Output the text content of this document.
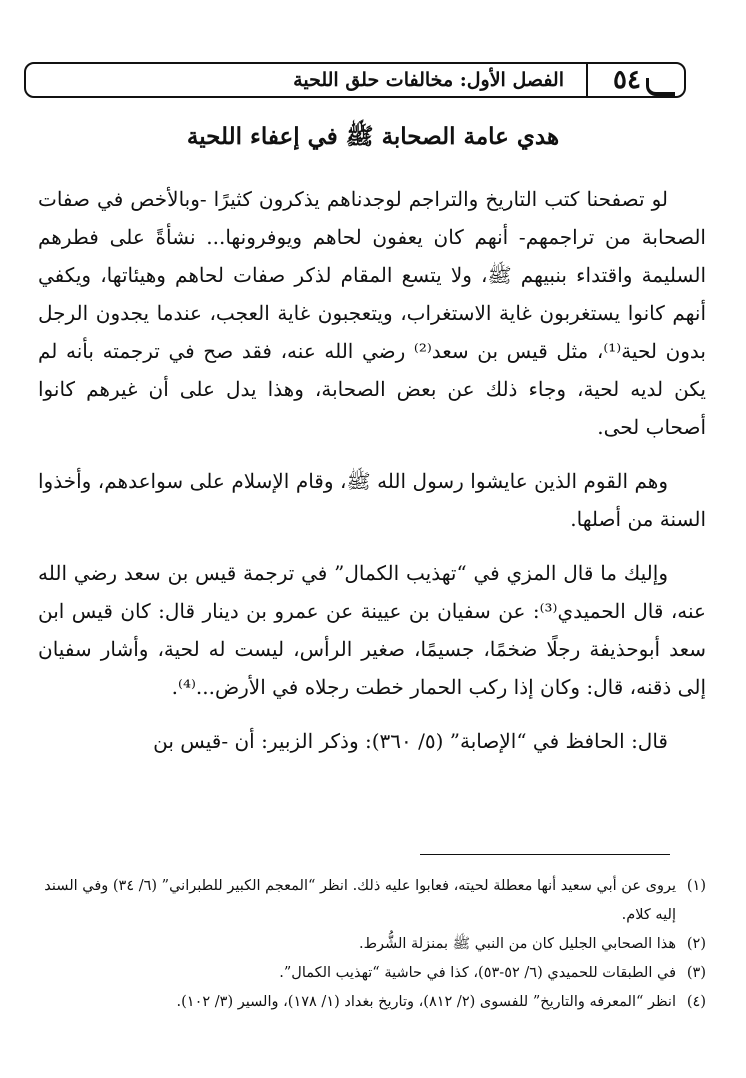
٥٤
الفصل الأول: مخالفات حلق اللحية
هدي عامة الصحابة ﷺ في إعفاء اللحية

لو تصفحنا كتب التاريخ والتراجم لوجدناهم يذكرون كثيرًا -وبالأخص في صفات الصحابة من تراجمهم- أنهم كان يعفون لحاهم ويوفرونها... نشأةً على فطرهم السليمة واقتداء بنبيهم ﷺ، ولا يتسع المقام لذكر صفات لحاهم وهيئاتها، ويكفي أنهم كانوا يستغربون غاية الاستغراب، ويتعجبون غاية العجب، عندما يجدون الرجل بدون لحية⁽¹⁾، مثل قيس بن سعد⁽²⁾ رضي الله عنه، فقد صح في ترجمته بأنه لم يكن لديه لحية، وجاء ذلك عن بعض الصحابة، وهذا يدل على أن غيرهم كانوا أصحاب لحى.

وهم القوم الذين عايشوا رسول الله ﷺ، وقام الإسلام على سواعدهم، وأخذوا السنة من أصلها.

وإليك ما قال المزي في “تهذيب الكمال” في ترجمة قيس بن سعد رضي الله عنه، قال الحميدي⁽³⁾: عن سفيان بن عيينة عن عمرو بن دينار قال: كان قيس ابن سعد أبوحذيفة رجلًا ضخمًا، جسيمًا، صغير الرأس، ليست له لحية، وأشار سفيان إلى ذقنه، قال: وكان إذا ركب الحمار خطت رجلاه في الأرض...⁽⁴⁾.

قال: الحافظ في “الإصابة” (٥/ ٣٦٠): وذكر الزبير: أن -قيس بن

(١)
يروى عن أبي سعيد أنها معطلة لحيته، فعابوا عليه ذلك. انظر “المعجم الكبير للطبراني” (٦/ ٣٤) وفي السند إليه كلام.
(٢)
هذا الصحابي الجليل كان من النبي ﷺ بمنزلة الشُّرط.
(٣)
في الطبقات للحميدي (٦/ ٥٢-٥٣)، كذا في حاشية “تهذيب الكمال”.
(٤)
انظر “المعرفه والتاريخ” للفسوى (٢/ ٨١٢)، وتاريخ بغداد (١/ ١٧٨)، والسير (٣/ ١٠٢).
